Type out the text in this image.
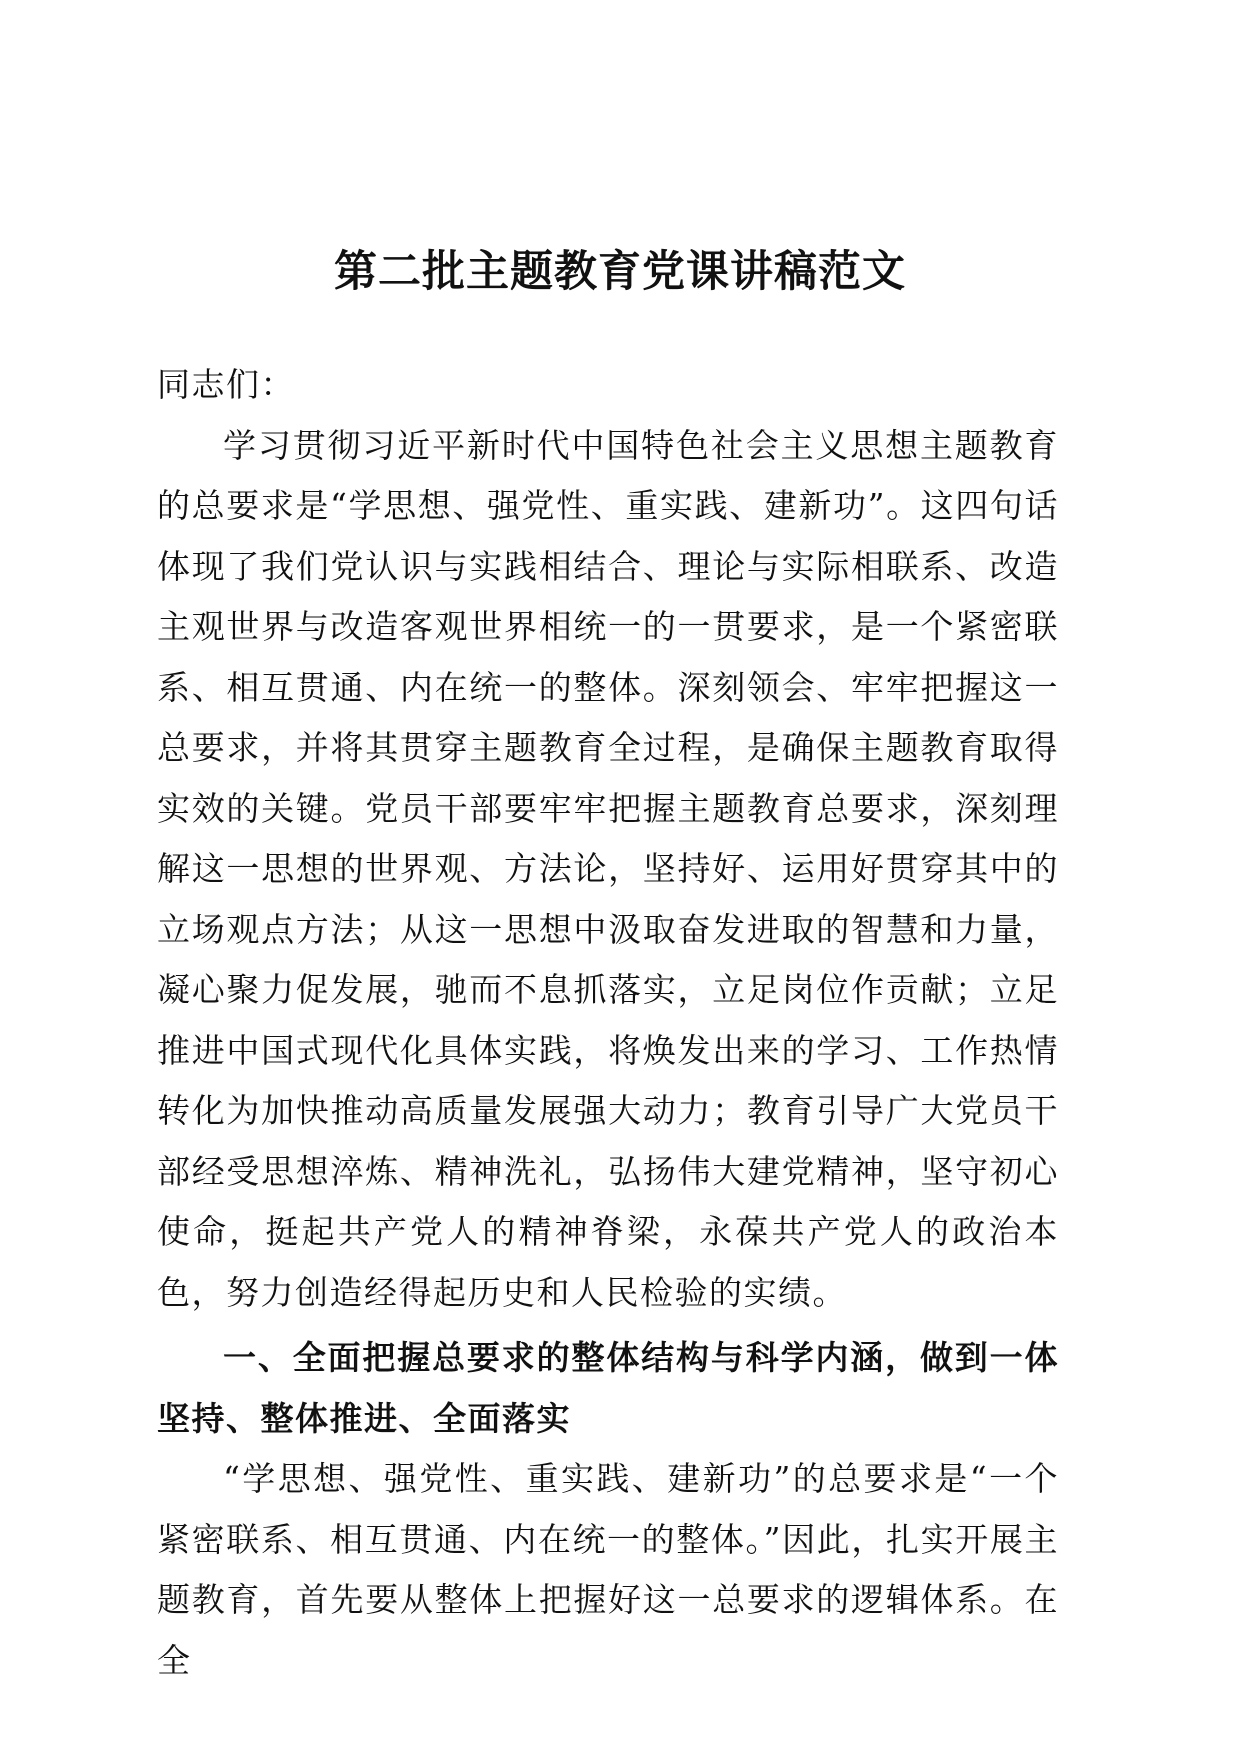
第二批主题教育党课讲稿范文

同志们：

学习贯彻习近平新时代中国特色社会主义思想主题教育的总要求是“学思想、强党性、重实践、建新功”。这四句话体现了我们党认识与实践相结合、理论与实际相联系、改造主观世界与改造客观世界相统一的一贯要求，是一个紧密联系、相互贯通、内在统一的整体。深刻领会、牢牢把握这一总要求，并将其贯穿主题教育全过程，是确保主题教育取得实效的关键。党员干部要牢牢把握主题教育总要求，深刻理解这一思想的世界观、方法论，坚持好、运用好贯穿其中的立场观点方法；从这一思想中汲取奋发进取的智慧和力量，凝心聚力促发展，驰而不息抓落实，立足岗位作贡献；立足推进中国式现代化具体实践，将焕发出来的学习、工作热情转化为加快推动高质量发展强大动力；教育引导广大党员干部经受思想淬炼、精神洗礼，弘扬伟大建党精神，坚守初心使命，挺起共产党人的精神脊梁，永葆共产党人的政治本色，努力创造经得起历史和人民检验的实绩。

一、全面把握总要求的整体结构与科学内涵，做到一体坚持、整体推进、全面落实

“学思想、强党性、重实践、建新功”的总要求是“一个紧密联系、相互贯通、内在统一的整体。”因此，扎实开展主题教育，首先要从整体上把握好这一总要求的逻辑体系。在全
